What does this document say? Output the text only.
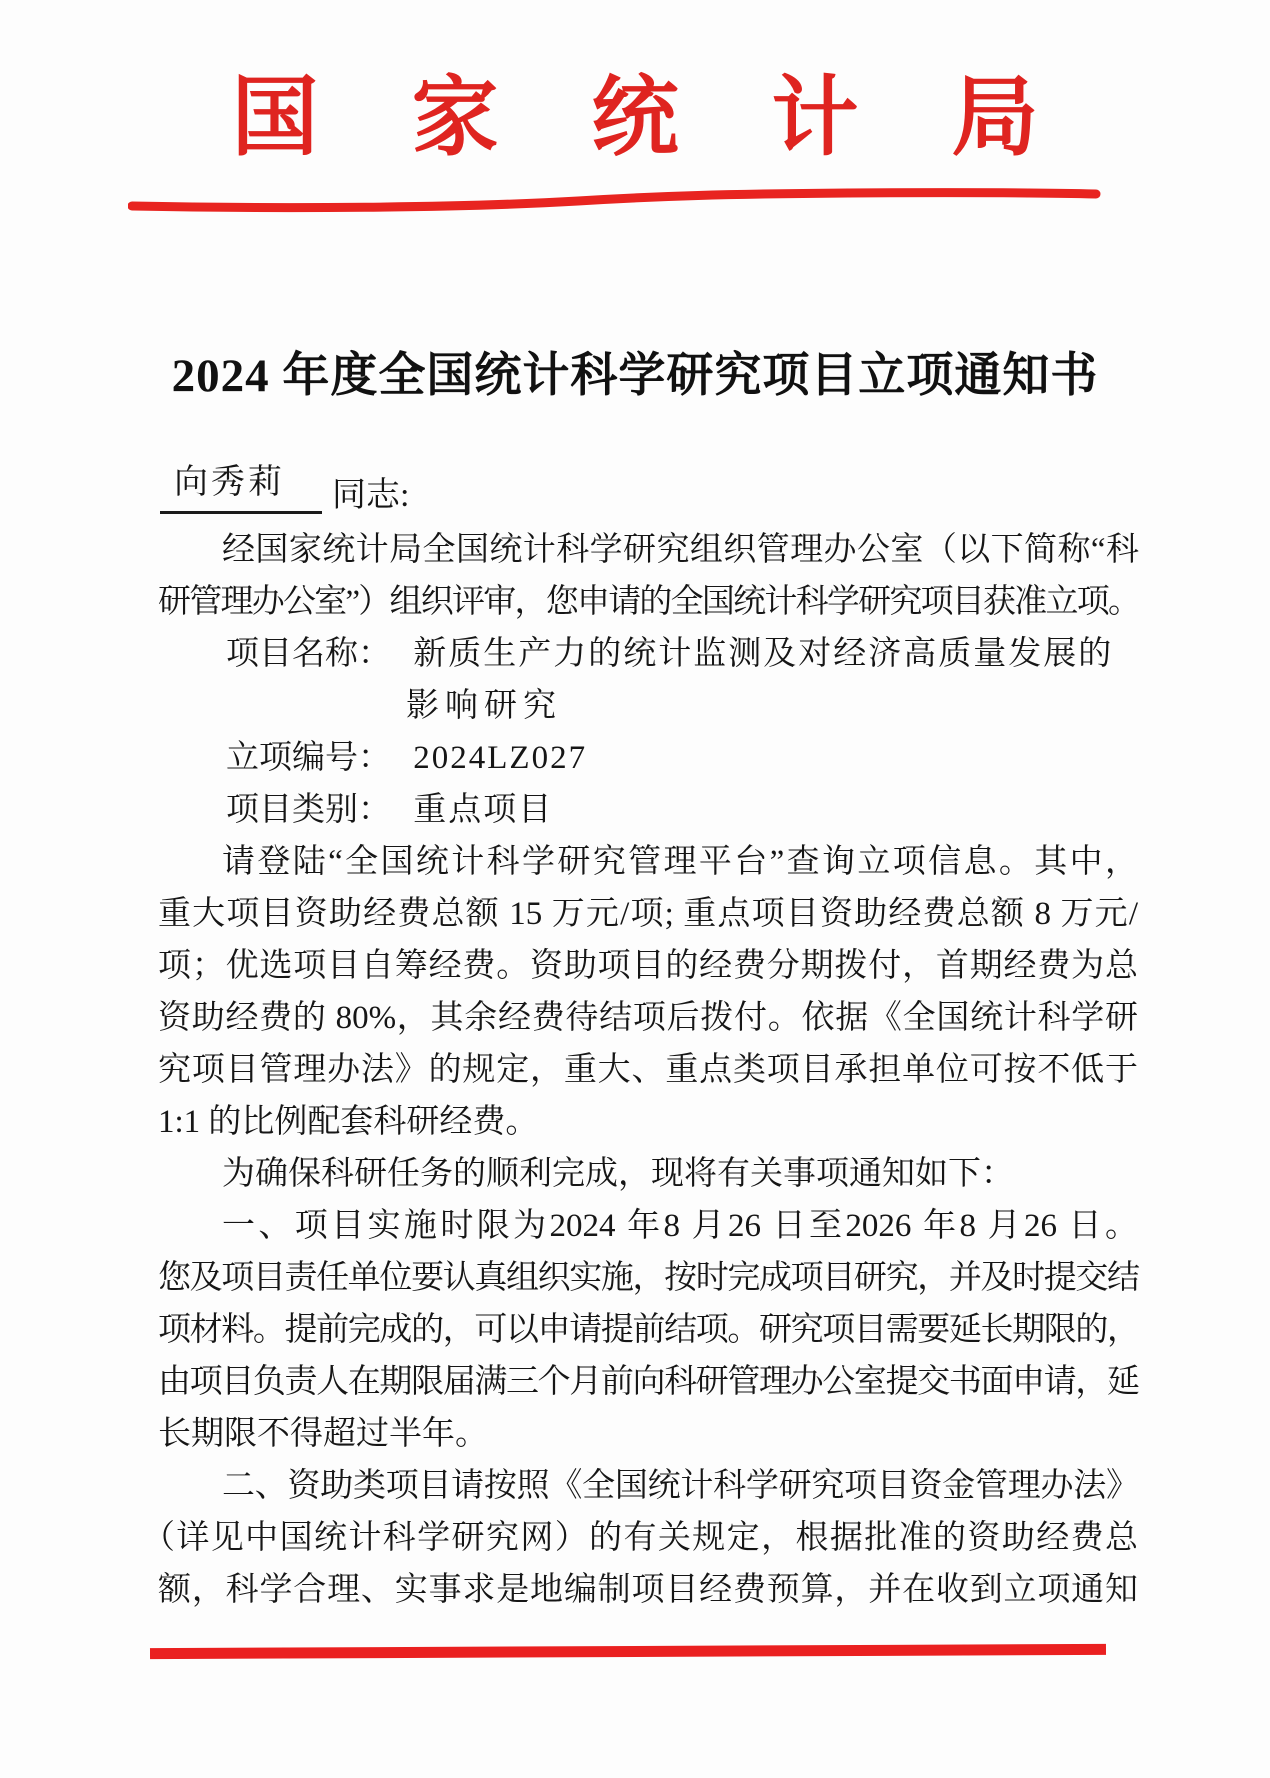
国家统计局
2024 年度全国统计科学研究项目立项通知书
向秀莉	同志:
经国家统计局全国统计科学研究组织管理办公室（以下简称“科
研管理办公室”）组织评审，您申请的全国统计科学研究项目获准立项。
项目名称： 新质生产力的统计监测及对经济高质量发展的
影响研究
立项编号： 2024LZ027
项目类别： 重点项目
请登陆“全国统计科学研究管理平台”查询立项信息。其中，
重大项目资助经费总额 15 万元/项; 重点项目资助经费总额 8 万元/
项；优选项目自筹经费。资助项目的经费分期拨付，首期经费为总
资助经费的 80%，其余经费待结项后拨付。依据《全国统计科学研
究项目管理办法》的规定，重大、重点类项目承担单位可按不低于
1:1 的比例配套科研经费。
为确保科研任务的顺利完成，现将有关事项通知如下：
一、项目实施时限为2024 年8 月26 日至2026 年8 月26 日。
您及项目责任单位要认真组织实施，按时完成项目研究，并及时提交结
项材料。提前完成的，可以申请提前结项。研究项目需要延长期限的，
由项目负责人在期限届满三个月前向科研管理办公室提交书面申请，延
长期限不得超过半年。
二、资助类项目请按照《全国统计科学研究项目资金管理办法》
（详见中国统计科学研究网）的有关规定，根据批准的资助经费总
额，科学合理、实事求是地编制项目经费预算，并在收到立项通知
